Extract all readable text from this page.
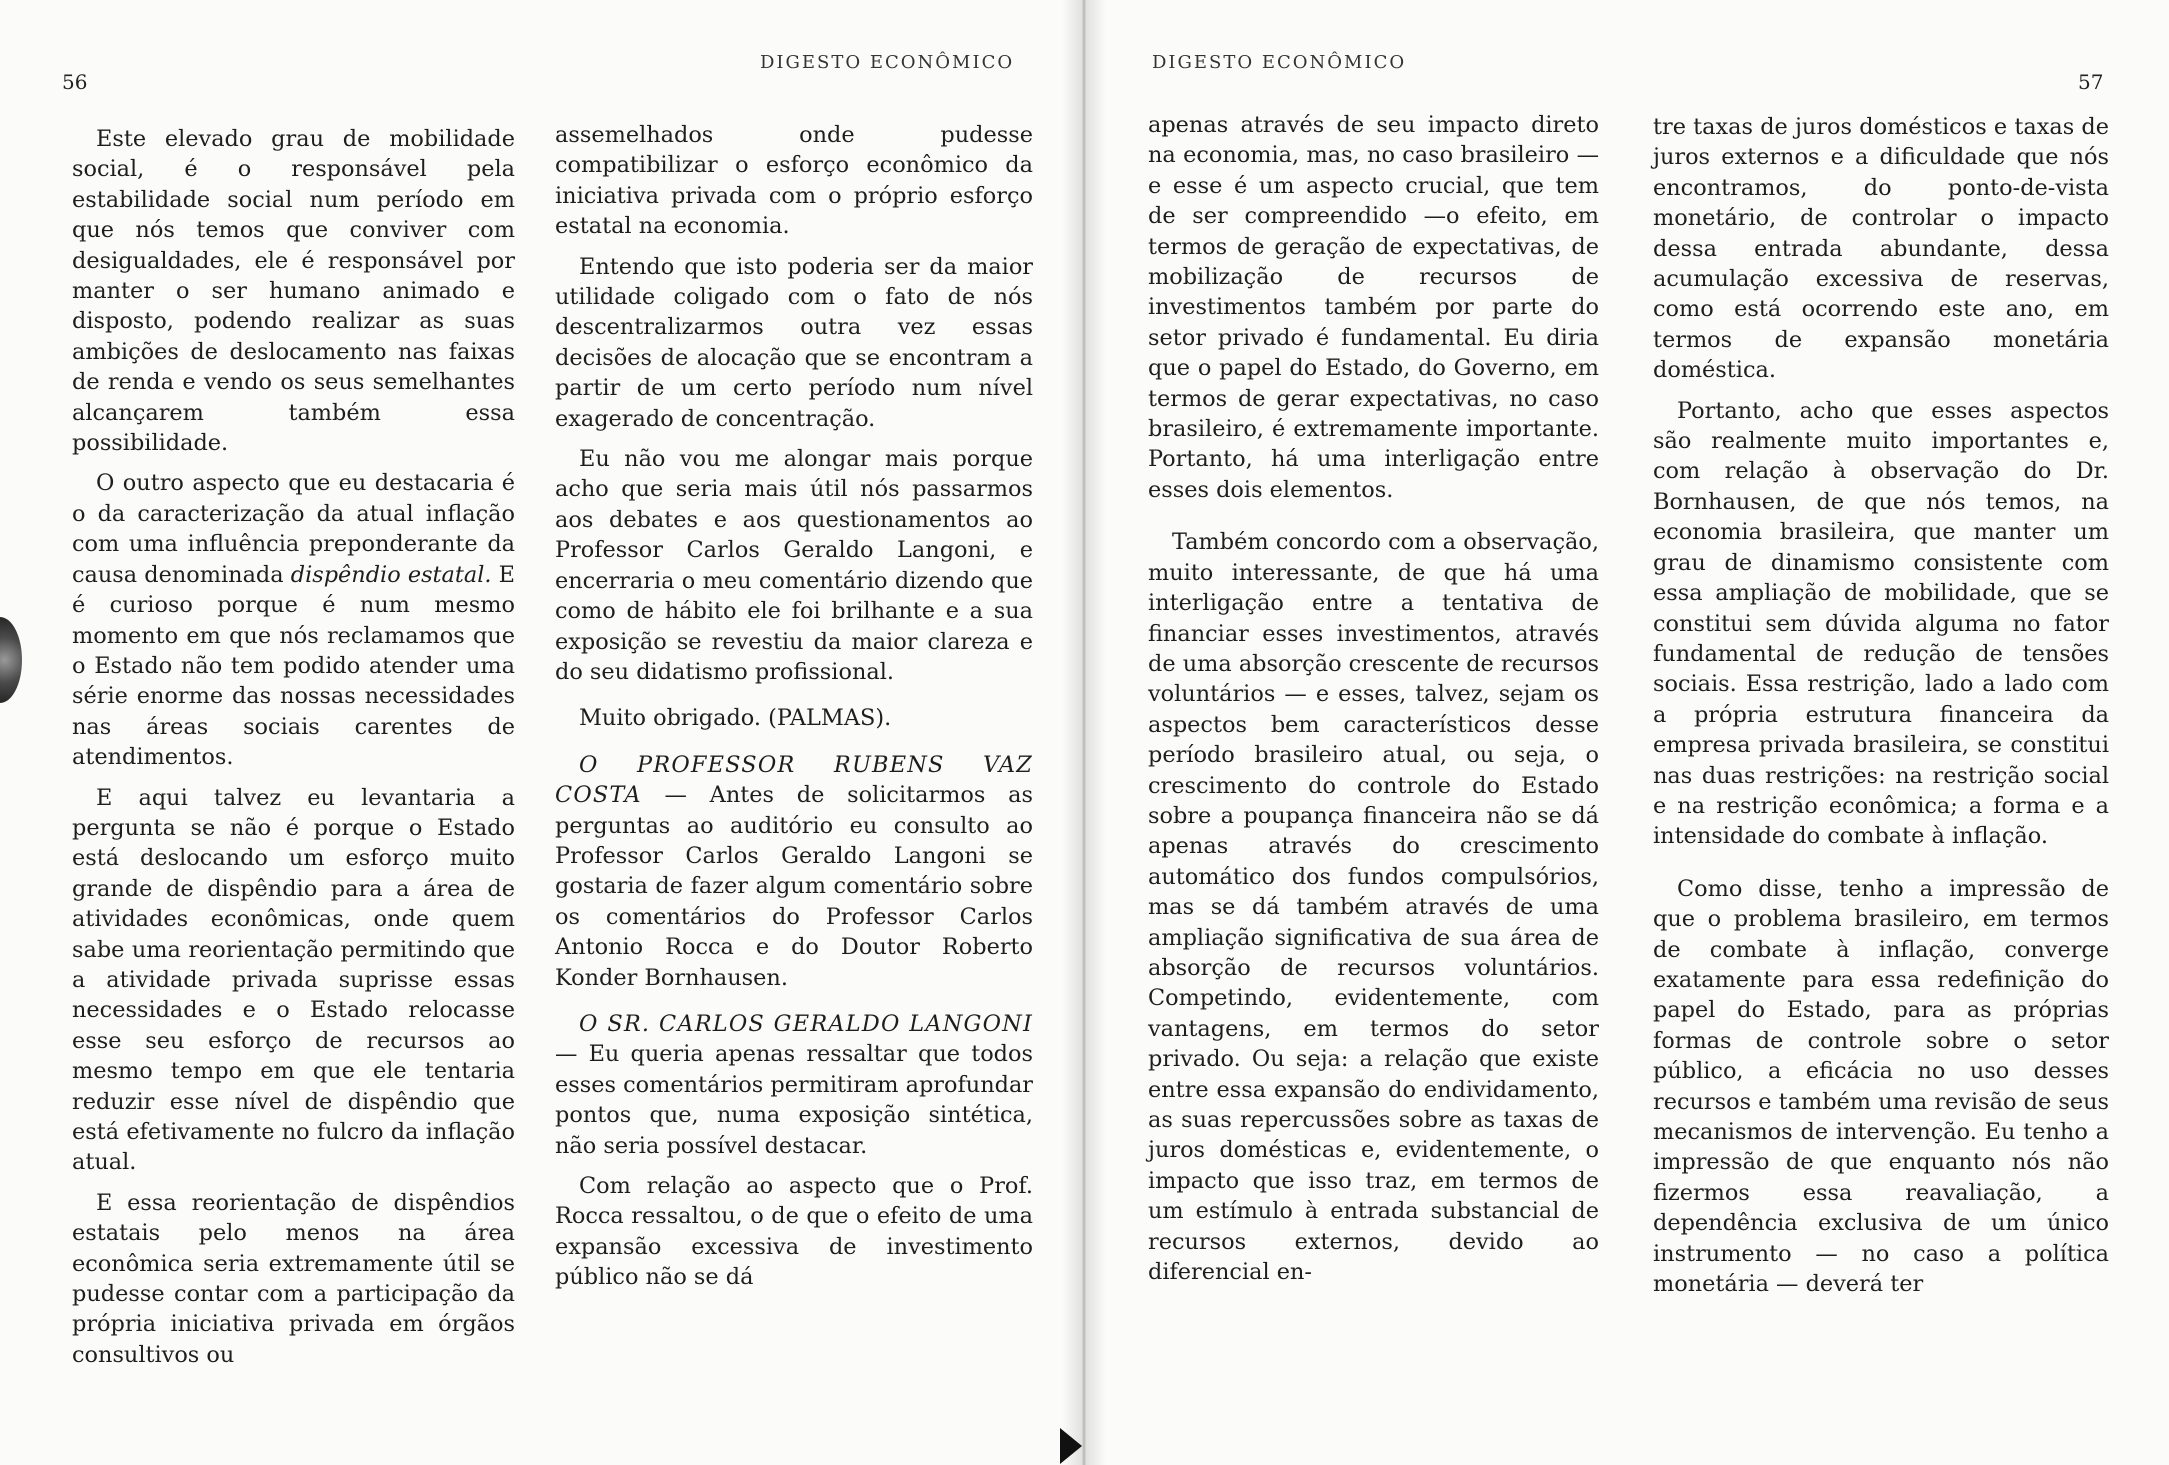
56
DIGESTO ECONÔMICO

Este elevado grau de mobilidade social, é o responsável pela estabilidade social num período em que nós temos que conviver com desigualdades, ele é responsável por manter o ser humano animado e disposto, podendo realizar as suas ambições de deslocamento nas faixas de renda e vendo os seus semelhantes alcançarem também essa possibilidade.

O outro aspecto que eu destacaria é o da caracterização da atual inflação com uma influência preponderante da causa denominada dispêndio estatal. E é curioso porque é num mesmo momento em que nós reclamamos que o Estado não tem podido atender uma série enorme das nossas necessidades nas áreas sociais carentes de atendimentos.

E aqui talvez eu levantaria a pergunta se não é porque o Estado está deslocando um esforço muito grande de dispêndio para a área de atividades econômicas, onde quem sabe uma reorientação permitindo que a atividade privada suprisse essas necessidades e o Estado relocasse esse seu esforço de recursos ao mesmo tempo em que ele tentaria reduzir esse nível de dispêndio que está efetivamente no fulcro da inflação atual.

E essa reorientação de dispêndios estatais pelo menos na área econômica seria extremamente útil se pudesse contar com a participação da própria iniciativa privada em órgãos consultivos ou

assemelhados onde pudesse compatibilizar o esforço econômico da iniciativa privada com o próprio esforço estatal na economia.

Entendo que isto poderia ser da maior utilidade coligado com o fato de nós descentralizarmos outra vez essas decisões de alocação que se encontram a partir de um certo período num nível exagerado de concentração.

Eu não vou me alongar mais porque acho que seria mais útil nós passarmos aos debates e aos questionamentos ao Professor Carlos Geraldo Langoni, e encerraria o meu comentário dizendo que como de hábito ele foi brilhante e a sua exposição se revestiu da maior clareza e do seu didatismo profissional.

Muito obrigado. (PALMAS).

O PROFESSOR RUBENS VAZ COSTA — Antes de solicitarmos as perguntas ao auditório eu consulto ao Professor Carlos Geraldo Langoni se gostaria de fazer algum comentário sobre os comentários do Professor Carlos Antonio Rocca e do Doutor Roberto Konder Bornhausen.

O SR. CARLOS GERALDO LANGONI — Eu queria apenas ressaltar que todos esses comentários permitiram aprofundar pontos que, numa exposição sintética, não seria possível destacar.

Com relação ao aspecto que o Prof. Rocca ressaltou, o de que o efeito de uma expansão excessiva de investimento público não se dá

DIGESTO ECONÔMICO
57

apenas através de seu impacto direto na economia, mas, no caso brasileiro — e esse é um aspecto crucial, que tem de ser compreendido —o efeito, em termos de geração de expectativas, de mobilização de recursos de investimentos também por parte do setor privado é fundamental. Eu diria que o papel do Estado, do Governo, em termos de gerar expectativas, no caso brasileiro, é extremamente importante. Portanto, há uma interligação entre esses dois elementos.

Também concordo com a observação, muito interessante, de que há uma interligação entre a tentativa de financiar esses investimentos, através de uma absorção crescente de recursos voluntários — e esses, talvez, sejam os aspectos bem característicos desse período brasileiro atual, ou seja, o crescimento do controle do Estado sobre a poupança financeira não se dá apenas através do crescimento automático dos fundos compulsórios, mas se dá também através de uma ampliação significativa de sua área de absorção de recursos voluntários. Competindo, evidentemente, com vantagens, em termos do setor privado. Ou seja: a relação que existe entre essa expansão do endividamento, as suas repercussões sobre as taxas de juros domésticas e, evidentemente, o impacto que isso traz, em termos de um estímulo à entrada substancial de recursos externos, devido ao diferencial en-

tre taxas de juros domésticos e taxas de juros externos e a dificuldade que nós encontramos, do ponto-de-vista monetário, de controlar o impacto dessa entrada abundante, dessa acumulação excessiva de reservas, como está ocorrendo este ano, em termos de expansão monetária doméstica.

Portanto, acho que esses aspectos são realmente muito importantes e, com relação à observação do Dr. Bornhausen, de que nós temos, na economia brasileira, que manter um grau de dinamismo consistente com essa ampliação de mobilidade, que se constitui sem dúvida alguma no fator fundamental de redução de tensões sociais. Essa restrição, lado a lado com a própria estrutura financeira da empresa privada brasileira, se constitui nas duas restrições: na restrição social e na restrição econômica; a forma e a intensidade do combate à inflação.

Como disse, tenho a impressão de que o problema brasileiro, em termos de combate à inflação, converge exatamente para essa redefinição do papel do Estado, para as próprias formas de controle sobre o setor público, a eficácia no uso desses recursos e também uma revisão de seus mecanismos de intervenção. Eu tenho a impressão de que enquanto nós não fizermos essa reavaliação, a dependência exclusiva de um único instrumento — no caso a política monetária — deverá ter
